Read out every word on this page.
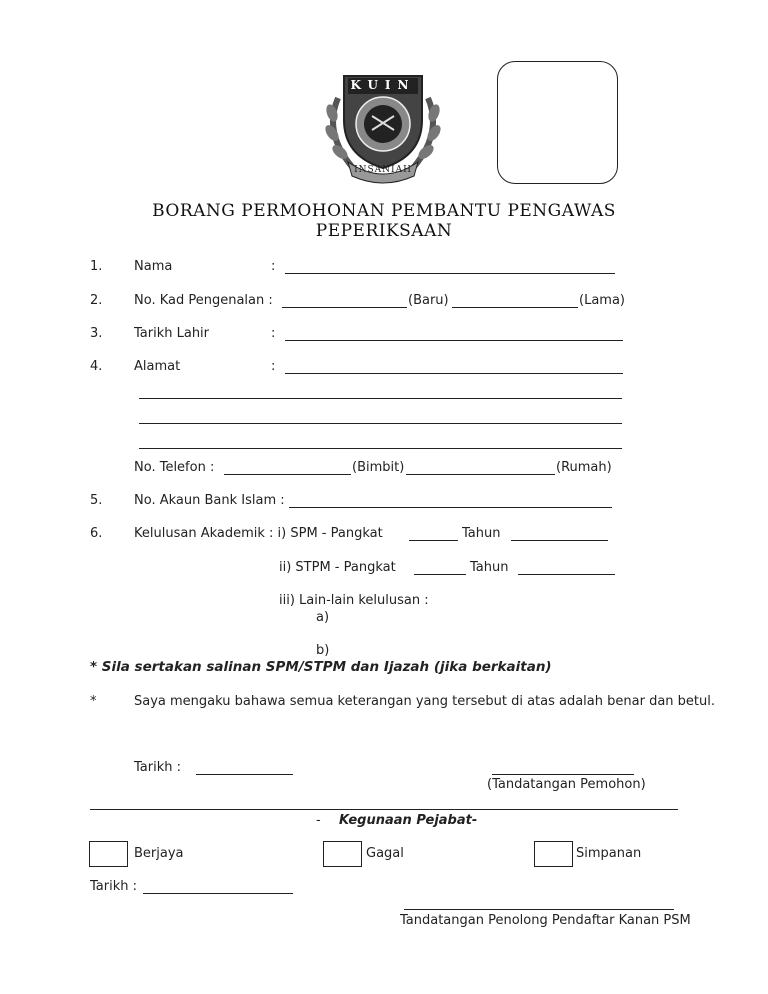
KUIN
INSANIAH
BORANG PERMOHONAN PEMBANTU PENGAWAS
PEPERIKSAAN
1. Nama	:
2. No. Kad Pengenalan :	(Baru)	(Lama)
3. Tarikh Lahir	:
4. Alamat	:
No. Telefon :	(Bimbit)	(Rumah)
5. No. Akaun Bank Islam :
6. Kelulusan Akademik : i) SPM - Pangkat	Tahun
ii) STPM - Pangkat	Tahun
iii) Lain-lain kelulusan :
a)
b)
* Sila sertakan salinan SPM/STPM dan Ijazah (jika berkaitan)
*	Saya mengaku bahawa semua keterangan yang tersebut di atas adalah benar dan betul.
Tarikh :
(Tandatangan Pemohon)
- Kegunaan Pejabat-
Berjaya	Gagal	Simpanan
Tarikh :
Tandatangan Penolong Pendaftar Kanan PSM
